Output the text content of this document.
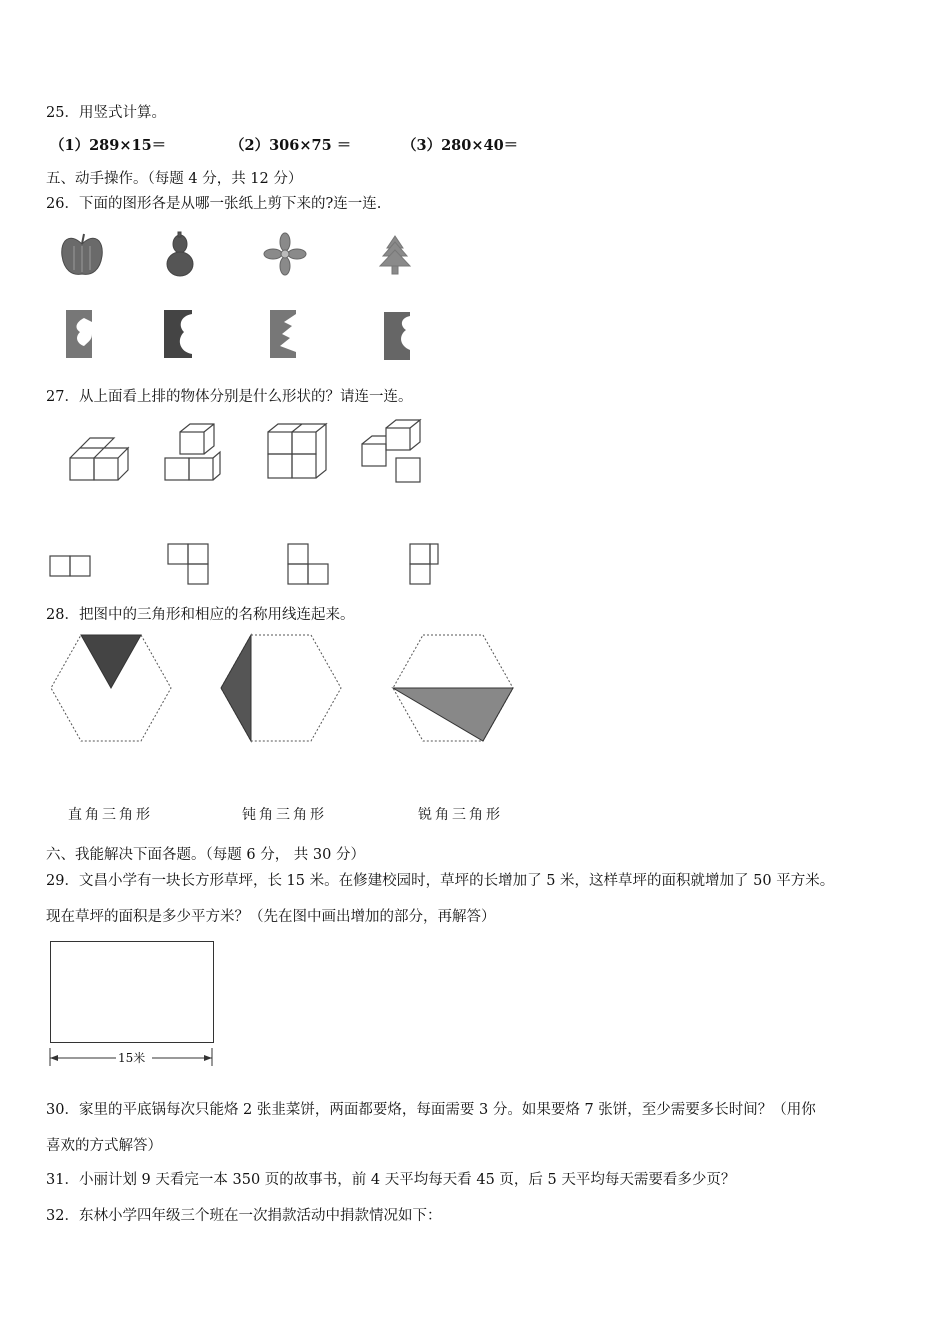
25．用竖式计算。
（1）289×15＝	（2）306×75 ＝	（3）280×40＝
五、动手操作。（每题 4 分，共 12 分）
26．下面的图形各是从哪一张纸上剪下来的?连一连.
27．从上面看上排的物体分别是什么形状的？请连一连。
28．把图中的三角形和相应的名称用线连起来。
直角三角形	钝角三角形	锐角三角形
六、我能解决下面各题。（每题 6 分， 共 30 分）
29．文昌小学有一块长方形草坪，长 15 米。在修建校园时，草坪的长增加了 5 米，这样草坪的面积就增加了 50 平方米。
现在草坪的面积是多少平方米？（先在图中画出增加的部分，再解答）
15米
30．家里的平底锅每次只能烙 2 张韭菜饼，两面都要烙，每面需要 3 分。如果要烙 7 张饼，至少需要多长时间？（用你
喜欢的方式解答）
31．小丽计划 9 天看完一本 350 页的故事书，前 4 天平均每天看 45 页，后 5 天平均每天需要看多少页？
32．东林小学四年级三个班在一次捐款活动中捐款情况如下：
